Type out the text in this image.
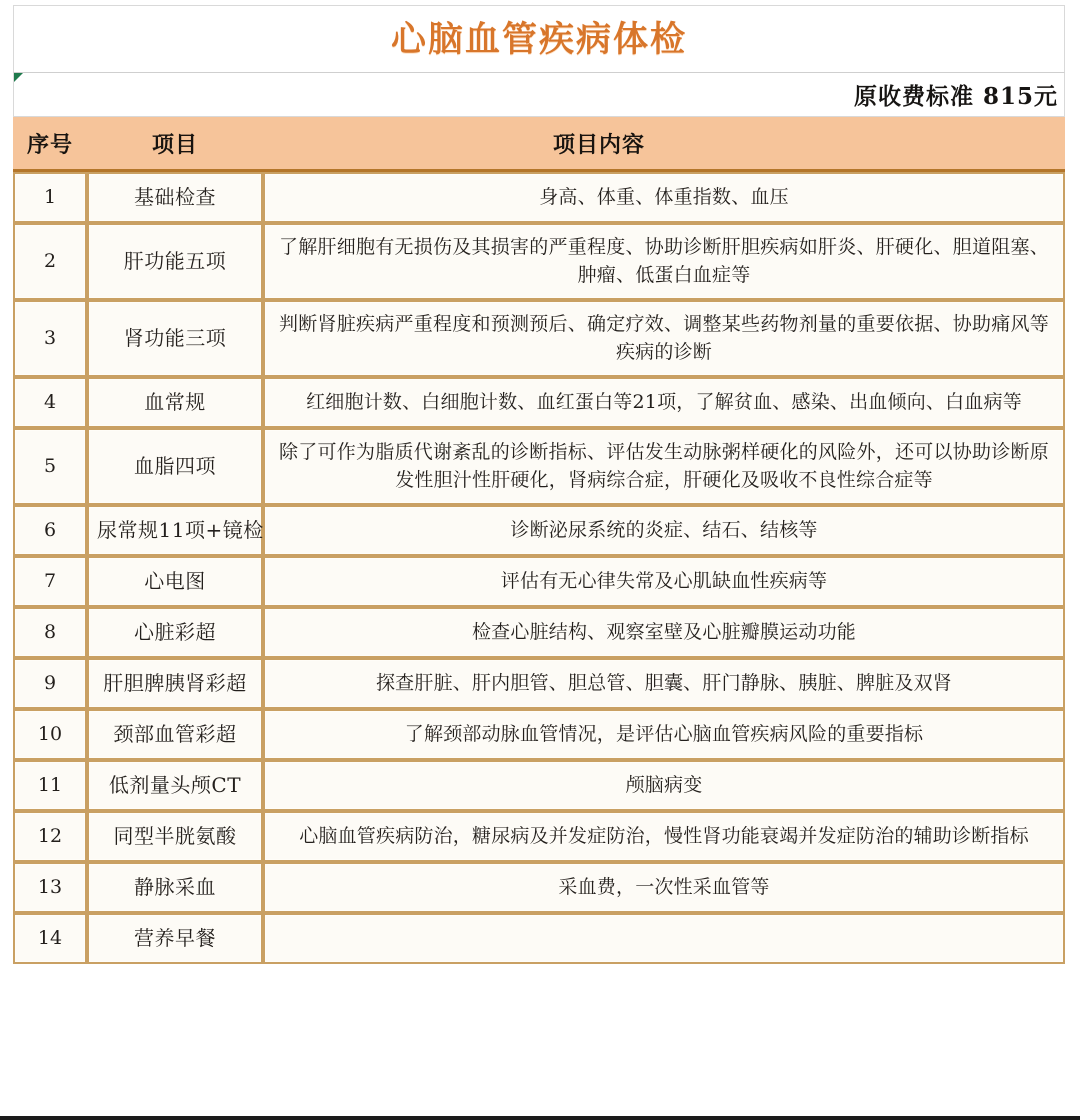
心脑血管疾病体检
原收费标准 815元
序号	项目	项目内容
1	基础检查	身高、体重、体重指数、血压
2	肝功能五项	了解肝细胞有无损伤及其损害的严重程度、协助诊断肝胆疾病如肝炎、肝硬化、胆道阻塞、肿瘤、低蛋白血症等
3	肾功能三项	判断肾脏疾病严重程度和预测预后、确定疗效、调整某些药物剂量的重要依据、协助痛风等疾病的诊断
4	血常规	红细胞计数、白细胞计数、血红蛋白等21项，了解贫血、感染、出血倾向、白血病等
5	血脂四项	除了可作为脂质代谢紊乱的诊断指标、评估发生动脉粥样硬化的风险外，还可以协助诊断原发性胆汁性肝硬化，肾病综合症，肝硬化及吸收不良性综合症等
6	尿常规11项+镜检	诊断泌尿系统的炎症、结石、结核等
7	心电图	评估有无心律失常及心肌缺血性疾病等
8	心脏彩超	检查心脏结构、观察室壁及心脏瓣膜运动功能
9	肝胆脾胰肾彩超	探查肝脏、肝内胆管、胆总管、胆囊、肝门静脉、胰脏、脾脏及双肾
10	颈部血管彩超	了解颈部动脉血管情况，是评估心脑血管疾病风险的重要指标
11	低剂量头颅CT	颅脑病变
12	同型半胱氨酸	心脑血管疾病防治，糖尿病及并发症防治，慢性肾功能衰竭并发症防治的辅助诊断指标
13	静脉采血	采血费，一次性采血管等
14	营养早餐	
